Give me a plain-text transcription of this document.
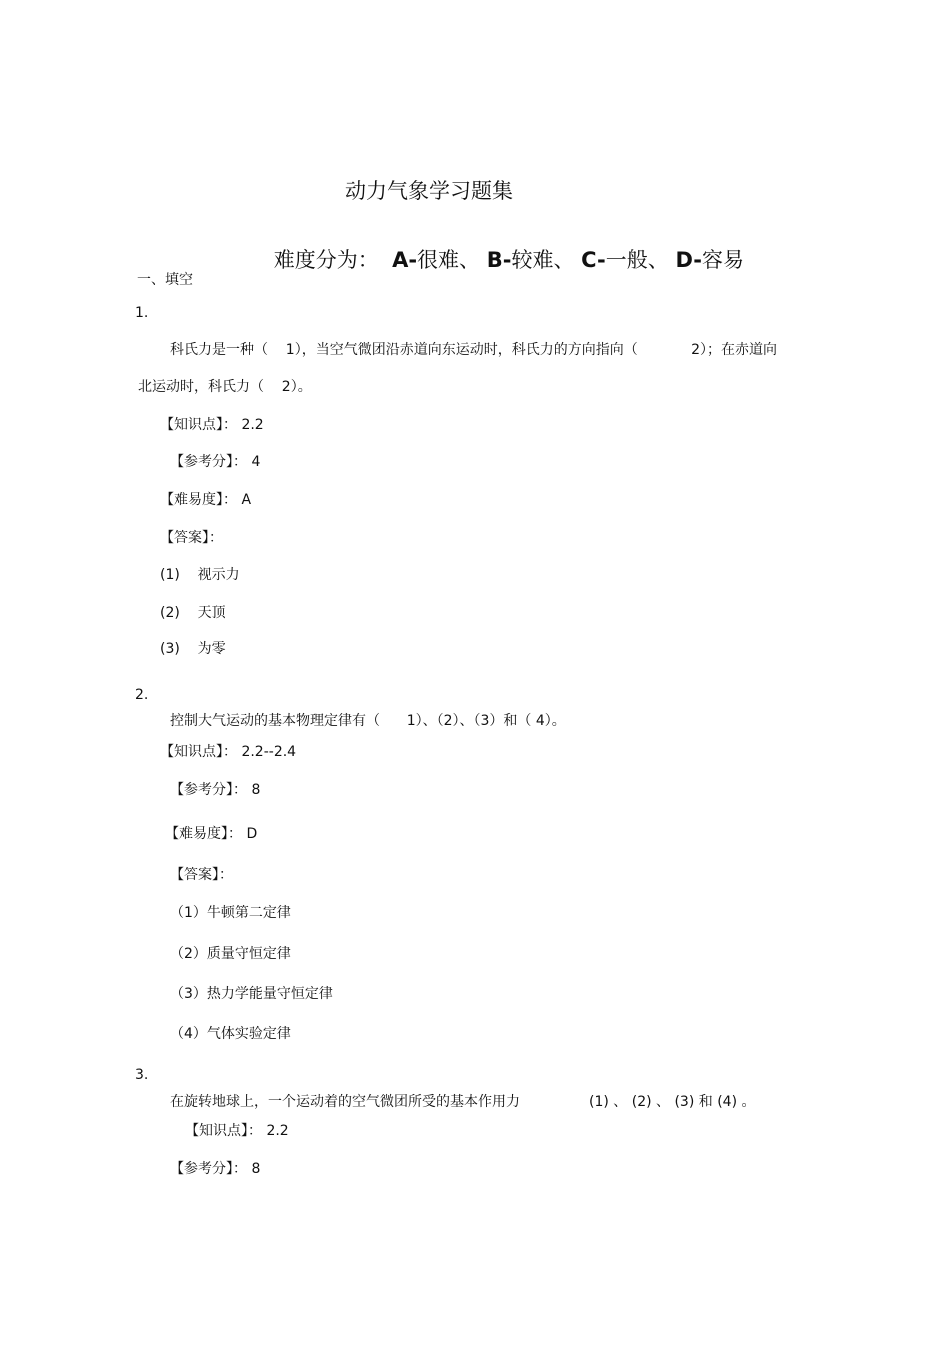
动力气象学习题集

难度分为： A-很难、 B-较难、 C-一般、 D-容易

一、填空
1.
科氏力是一种（    1），当空气微团沿赤道向东运动时，科氏力的方向指向（            2）；在赤道向
北运动时，科氏力（    2）。
【知识点】： 2.2
【参考分】： 4
【难易度】： A
【答案】：
(1)    视示力
(2)    天顶
(3)    为零
2.
控制大气运动的基本物理定律有（      1）、（2）、（3）和（ 4）。
【知识点】： 2.2--2.4
【参考分】： 8
【难易度】： D
【答案】：
（1）牛顿第二定律
（2）质量守恒定律
（3）热力学能量守恒定律
（4）气体实验定律
3.
在旋转地球上，一个运动着的空气微团所受的基本作用力	(1) 、 (2) 、 (3) 和 (4) 。
【知识点】： 2.2
【参考分】： 8
